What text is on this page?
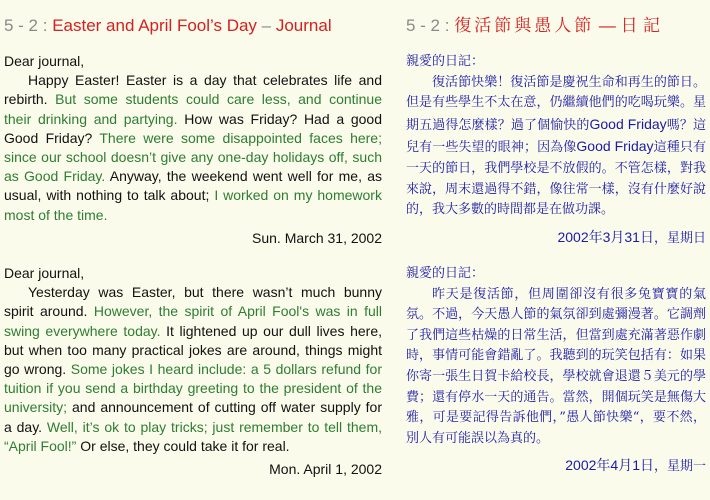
5 - 2 : Easter and April Fool’s Day – Journal

Dear journal,

Happy Easter! Easter is a day that celebrates life and rebirth. But some students could care less, and continue their drinking and partying. How was Friday? Had a good Good Friday? There were some disappointed faces here; since our school doesn’t give any one-day holidays off, such as Good Friday. Anyway, the weekend went well for me, as usual, with nothing to talk about; I worked on my homework most of the time.

Sun. March 31, 2002

Dear journal,

Yesterday was Easter, but there wasn’t much bunny spirit around. However, the spirit of April Fool's was in full swing everywhere today. It lightened up our dull lives here, but when too many practical jokes are around, things might go wrong. Some jokes I heard include: a 5 dollars refund for tuition if you send a birthday greeting to the president of the university; and announcement of cutting off water supply for a day. Well, it’s ok to play tricks; just remember to tell them, “April Fool!” Or else, they could take it for real.

Mon. April 1, 2002
5 - 2 : 復活節與愚人節 — 日 記

親愛的日記：

復活節快樂！復活節是慶祝生命和再生的節日。但是有些學生不太在意，仍繼續他們的吃喝玩樂。星期五過得怎麼樣？過了個愉快的Good Friday嗎？這兒有一些失望的眼神；因為像Good Friday這種只有一天的節日，我們學校是不放假的。不管怎樣，對我來說，周末還過得不錯，像往常一樣，沒有什麼好說的，我大多數的時間都是在做功課。

2002年3月31日，星期日

親愛的日記：

昨天是復活節，但周圍卻沒有很多兔寶寶的氣氛。不過，今天愚人節的氣氛卻到處彌漫著。它調劑了我們這些枯燥的日常生活，但當到處充滿著惡作劇時，事情可能會錯亂了。我聽到的玩笑包括有：如果你寄一張生日賀卡給校長，學校就會退還５美元的學費；還有停水一天的通告。當然，開個玩笑是無傷大雅，可是要記得告訴他們，”愚人節快樂“，要不然，別人有可能誤以為真的。

2002年4月1日，星期一
